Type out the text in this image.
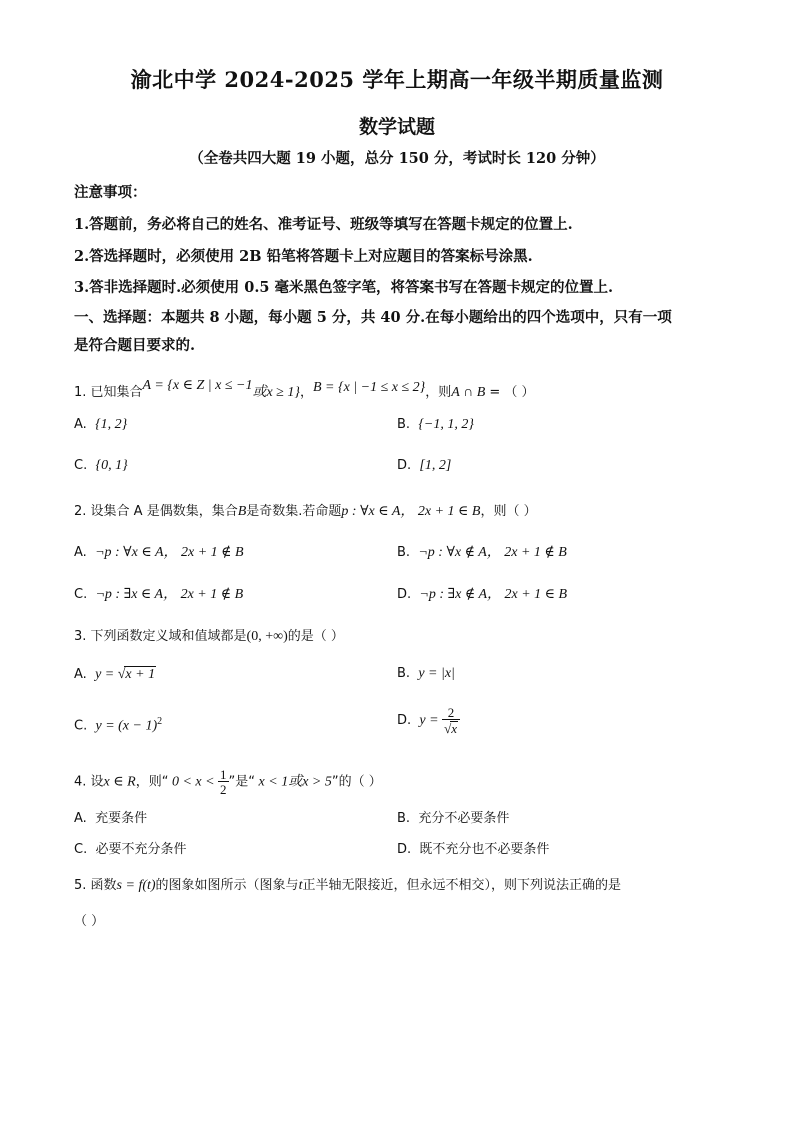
渝北中学 2024-2025 学年上期高一年级半期质量监测
数学试题
（全卷共四大题 19 小题，总分 150 分，考试时长 120 分钟）
注意事项：
1.答题前，务必将自己的姓名、准考证号、班级等填写在答题卡规定的位置上.
2.答选择题时，必须使用 2B 铅笔将答题卡上对应题目的答案标号涂黑.
3.答非选择题时.必须使用 0.5 毫米黑色签字笔，将答案书写在答题卡规定的位置上.
一、选择题：本题共 8 小题，每小题 5 分，共 40 分.在每小题给出的四个选项中，只有一项
是符合题目要求的.
1. 已知集合A = {x ∈ Z | x ≤ −1或x ≥ 1}，B = {x | −1 ≤ x ≤ 2}，则A ∩ B = （ ）
A. {1, 2}	B. {−1, 1, 2}
C. {0, 1}	D. [1, 2]
2. 设集合 A 是偶数集，集合B是奇数集.若命题p : ∀x ∈ A， 2x + 1 ∈ B，则（ ）
A. ¬p : ∀x ∈ A， 2x + 1 ∉ B	B. ¬p : ∀x ∉ A， 2x + 1 ∉ B
C. ¬p : ∃x ∈ A， 2x + 1 ∉ B	D. ¬p : ∃x ∉ A， 2x + 1 ∈ B
3. 下列函数定义域和值域都是(0, +∞)的是（ ）
A. y = √x + 1	B. y = |x|
C. $y = (x - 1)^2$	D. $y = \frac{2}{√x}$
4. 设x ∈ R，则“ $0 < x < \frac{1}{2}$ ”是“ x < 1或x > 5”的（ ）
A. 充要条件	B. 充分不必要条件
C. 必要不充分条件	D. 既不充分也不必要条件
5. 函数s = f(t)的图象如图所示（图象与t正半轴无限接近，但永远不相交），则下列说法正确的是
（ ）
